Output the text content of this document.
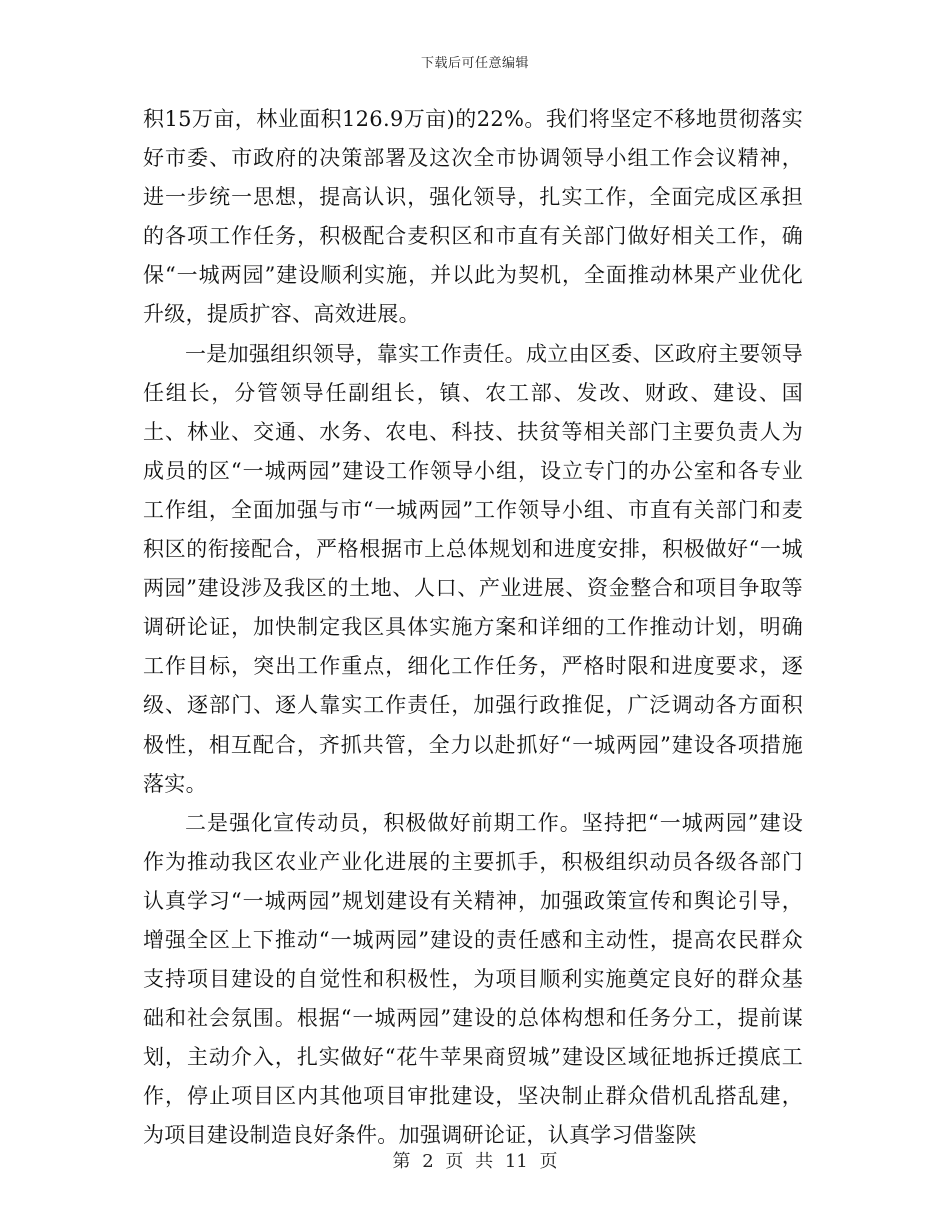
下载后可任意编辑

积15万亩，林业面积126.9万亩)的22%。我们将坚定不移地贯彻落实好市委、市政府的决策部署及这次全市协调领导小组工作会议精神，进一步统一思想，提高认识，强化领导，扎实工作，全面完成区承担的各项工作任务，积极配合麦积区和市直有关部门做好相关工作，确保“一城两园”建设顺利实施，并以此为契机，全面推动林果产业优化升级，提质扩容、高效进展。

一是加强组织领导，靠实工作责任。成立由区委、区政府主要领导任组长，分管领导任副组长，镇、农工部、发改、财政、建设、国土、林业、交通、水务、农电、科技、扶贫等相关部门主要负责人为成员的区“一城两园”建设工作领导小组，设立专门的办公室和各专业工作组，全面加强与市“一城两园”工作领导小组、市直有关部门和麦积区的衔接配合，严格根据市上总体规划和进度安排，积极做好“一城两园”建设涉及我区的土地、人口、产业进展、资金整合和项目争取等调研论证，加快制定我区具体实施方案和详细的工作推动计划，明确工作目标，突出工作重点，细化工作任务，严格时限和进度要求，逐级、逐部门、逐人靠实工作责任，加强行政推促，广泛调动各方面积极性，相互配合，齐抓共管，全力以赴抓好“一城两园”建设各项措施落实。

二是强化宣传动员，积极做好前期工作。坚持把“一城两园”建设作为推动我区农业产业化进展的主要抓手，积极组织动员各级各部门认真学习“一城两园”规划建设有关精神，加强政策宣传和舆论引导，增强全区上下推动“一城两园”建设的责任感和主动性，提高农民群众支持项目建设的自觉性和积极性，为项目顺利实施奠定良好的群众基础和社会氛围。根据“一城两园”建设的总体构想和任务分工，提前谋划，主动介入，扎实做好“花牛苹果商贸城”建设区域征地拆迁摸底工作，停止项目区内其他项目审批建设，坚决制止群众借机乱搭乱建，为项目建设制造良好条件。加强调研论证，认真学习借鉴陕

第 2 页 共 11 页
